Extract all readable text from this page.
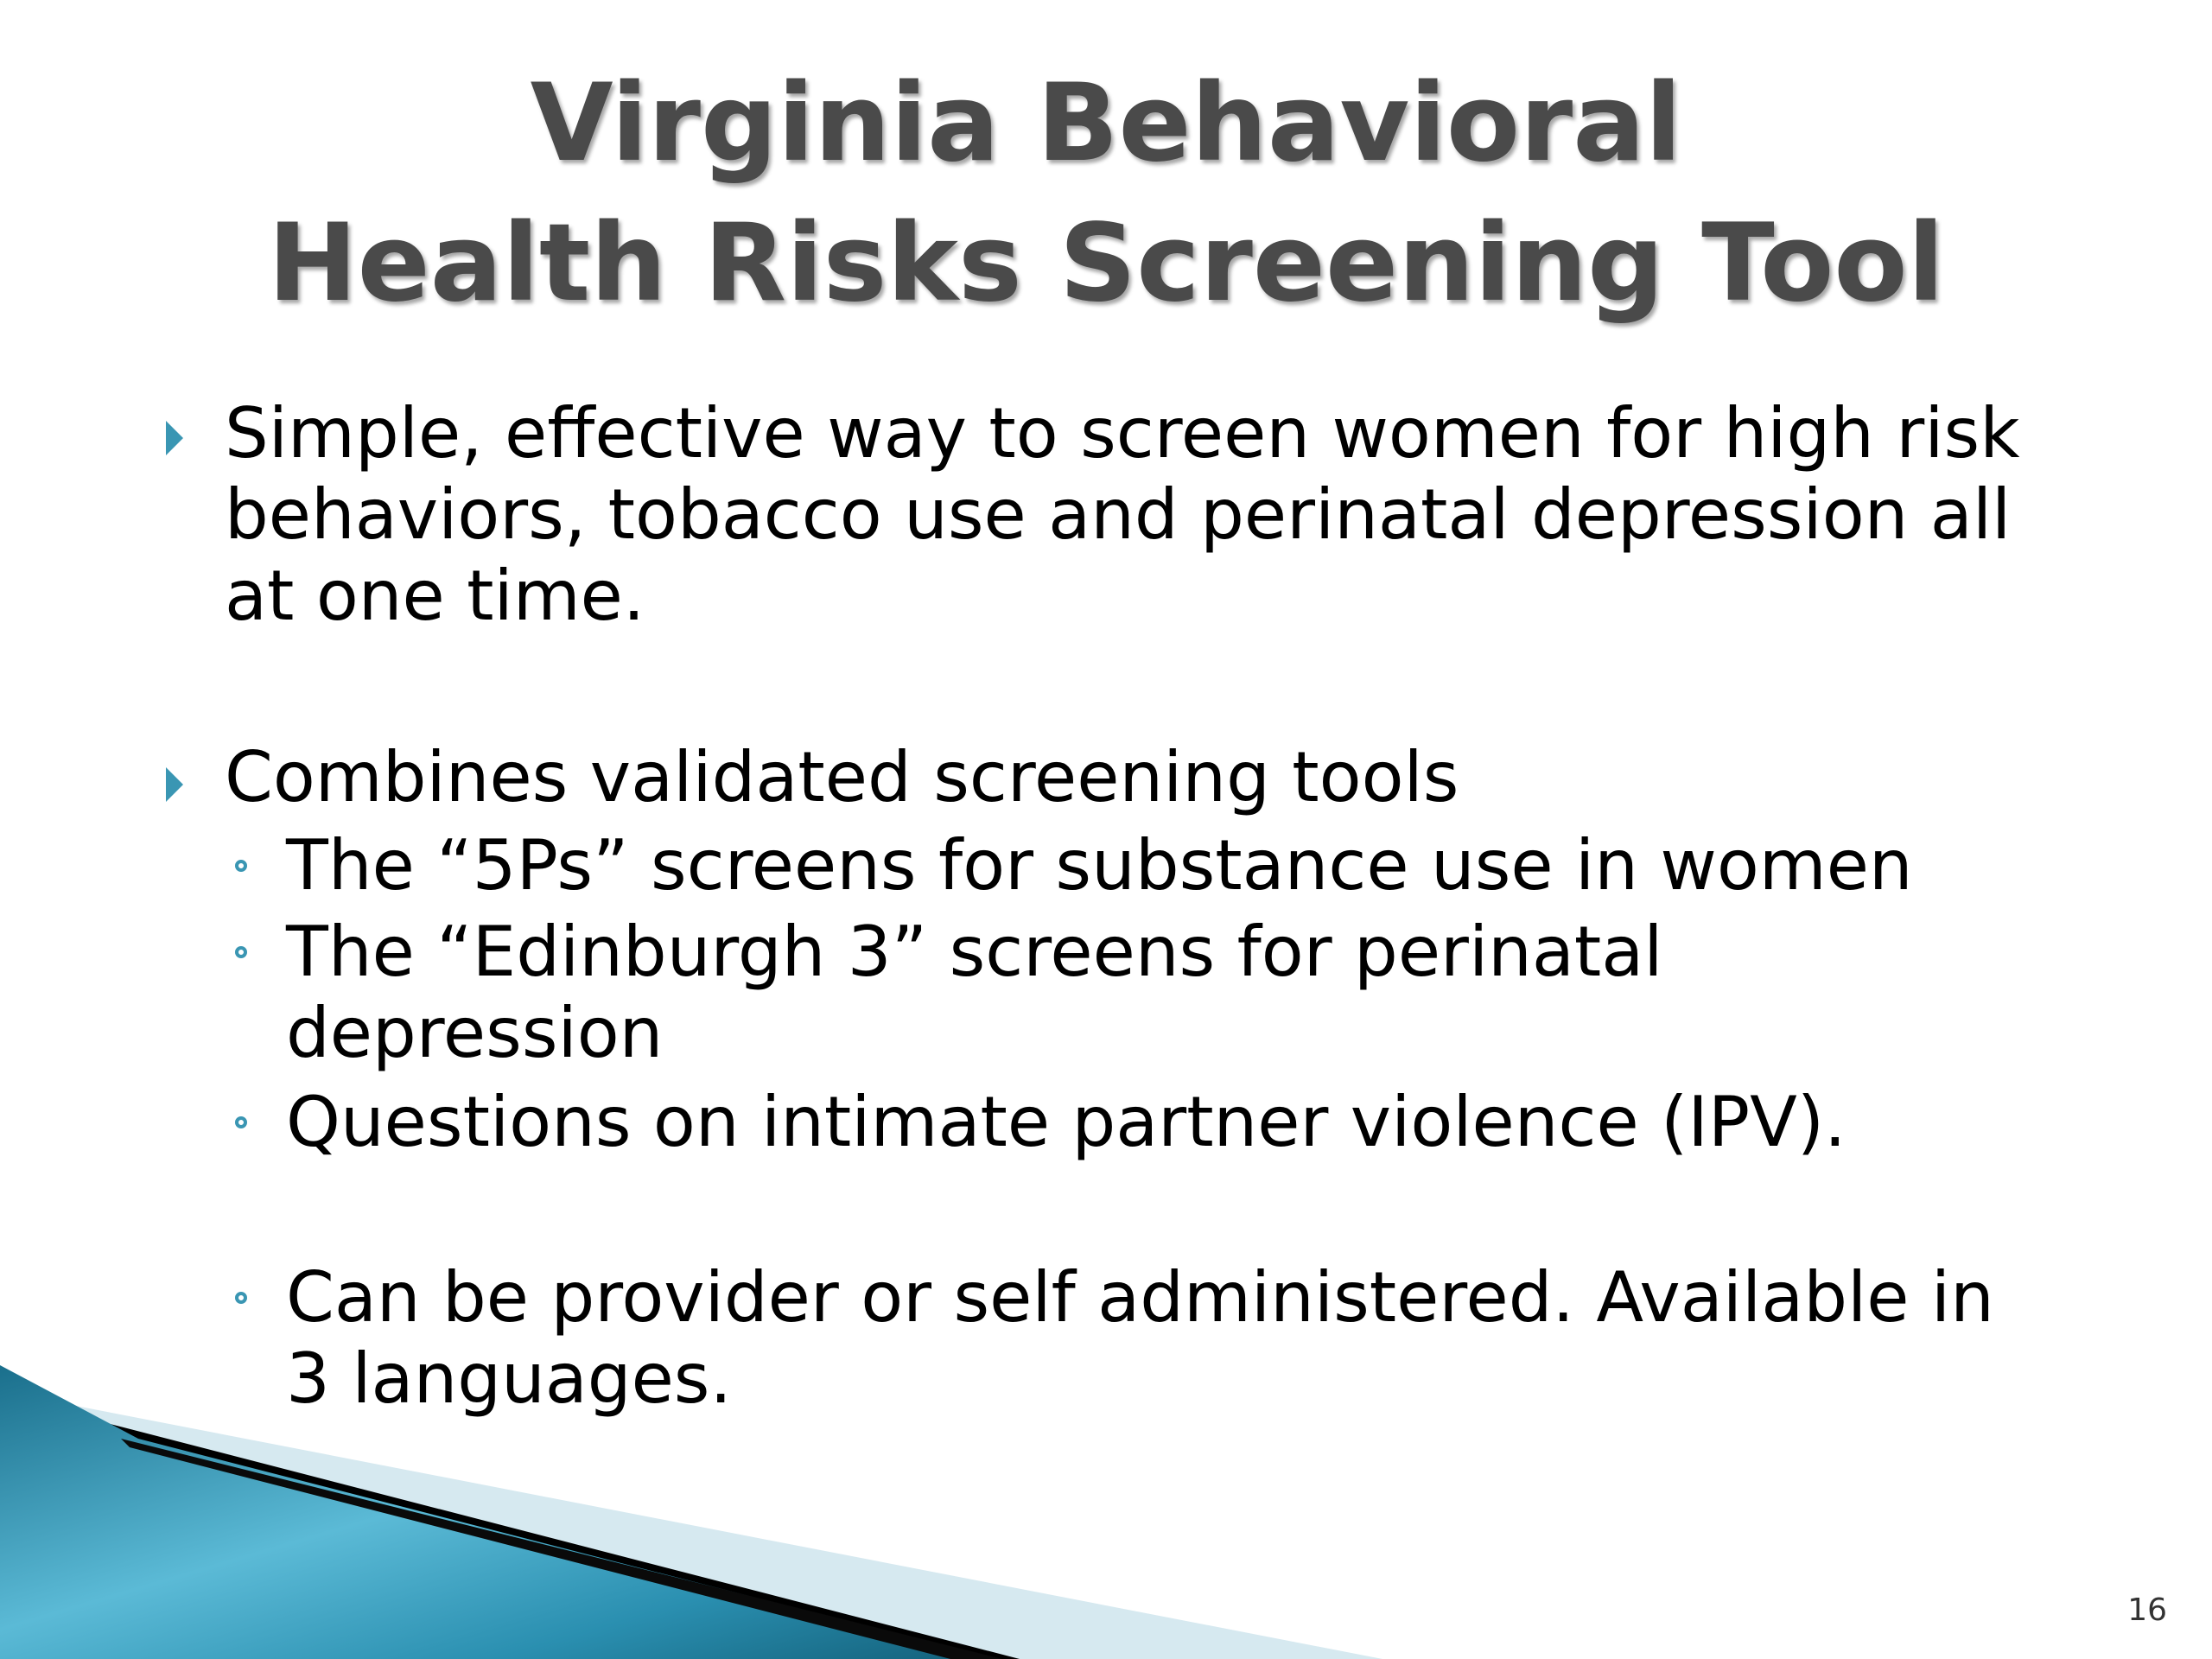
Virginia Behavioral
Health Risks Screening Tool
Simple, effective way to screen women for high risk
behaviors, tobacco use and perinatal depression all
at one time.
Combines validated screening tools
The “5Ps” screens for substance use in women
The “Edinburgh 3” screens for perinatal
depression
Questions on intimate partner violence (IPV).
Can be provider or self administered. Available in
3 languages.
16
